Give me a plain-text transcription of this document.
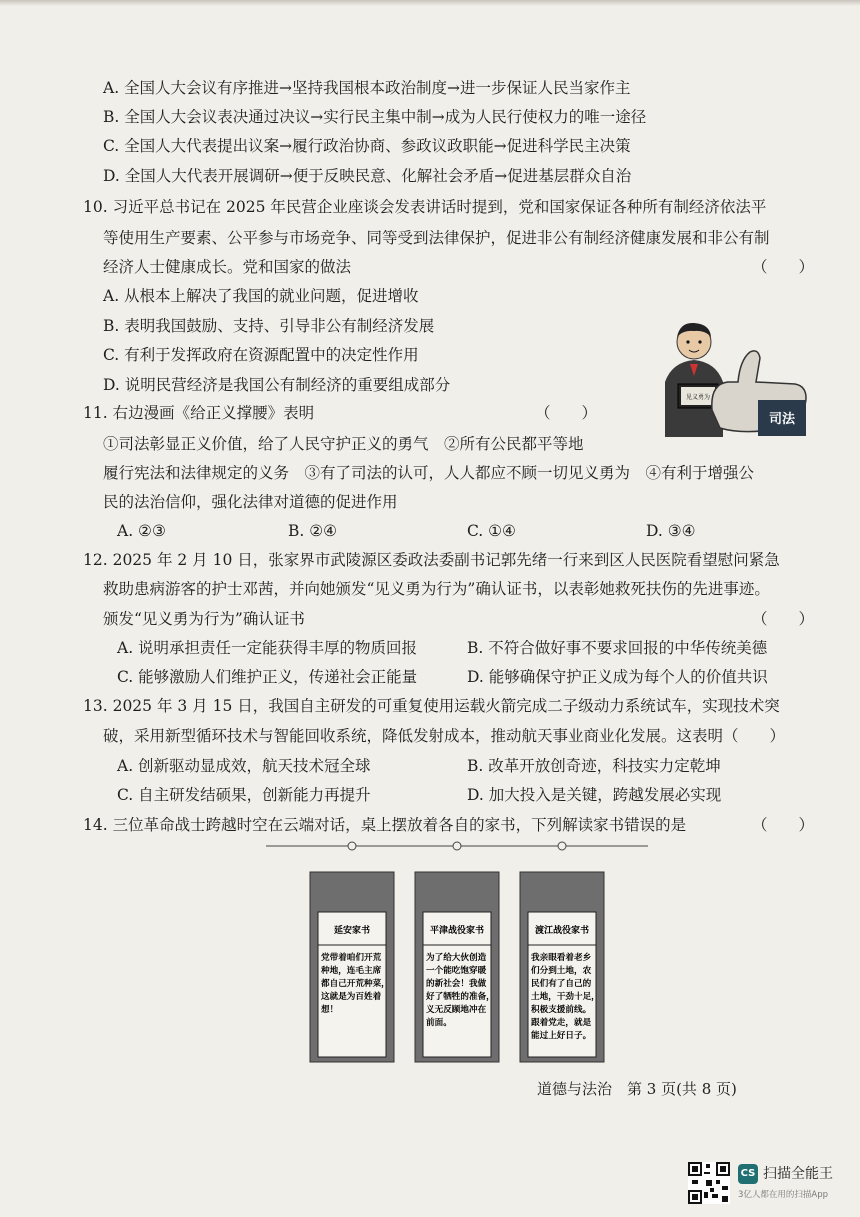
A. 全国人大会议有序推进→坚持我国根本政治制度→进一步保证人民当家作主
B. 全国人大会议表决通过决议→实行民主集中制→成为人民行使权力的唯一途径
C. 全国人大代表提出议案→履行政治协商、参政议政职能→促进科学民主决策
D. 全国人大代表开展调研→便于反映民意、化解社会矛盾→促进基层群众自治
10. 习近平总书记在 2025 年民营企业座谈会发表讲话时提到，党和国家保证各种所有制经济依法平
等使用生产要素、公平参与市场竞争、同等受到法律保护，促进非公有制经济健康发展和非公有制
经济人士健康成长。党和国家的做法
A. 从根本上解决了我国的就业问题，促进增收
B. 表明我国鼓励、支持、引导非公有制经济发展
C. 有利于发挥政府在资源配置中的决定性作用
D. 说明民营经济是我国公有制经济的重要组成部分
11. 右边漫画《给正义撑腰》表明
①司法彰显正义价值，给了人民守护正义的勇气　②所有公民都平等地
履行宪法和法律规定的义务　③有了司法的认可，人人都应不顾一切见义勇为　④有利于增强公
民的法治信仰，强化法律对道德的促进作用
A. ②③	B. ②④	C. ①④	D. ③④
12. 2025 年 2 月 10 日，张家界市武陵源区委政法委副书记郭先绪一行来到区人民医院看望慰问紧急
救助患病游客的护士邓茜，并向她颁发“见义勇为行为”确认证书，以表彰她救死扶伤的先进事迹。
颁发“见义勇为行为”确认证书
A. 说明承担责任一定能获得丰厚的物质回报	B. 不符合做好事不要求回报的中华传统美德
C. 能够激励人们维护正义，传递社会正能量	D. 能够确保守护正义成为每个人的价值共识
13. 2025 年 3 月 15 日，我国自主研发的可重复使用运载火箭完成二子级动力系统试车，实现技术突
破，采用新型循环技术与智能回收系统，降低发射成本，推动航天事业商业化发展。这表明（　　）
A. 创新驱动显成效，航天技术冠全球	B. 改革开放创奇迹，科技实力定乾坤
C. 自主研发结硕果，创新能力再提升	D. 加大投入是关键，跨越发展必实现
14. 三位革命战士跨越时空在云端对话，桌上摆放着各自的家书，下列解读家书错误的是
（　　）
（　　）
（　　）
（　　）
见义勇为
司法
延安家书
党带着咱们开荒
种地，连毛主席
都自己开荒种菜，
这就是为百姓着
想！
平津战役家书
为了给大伙创造
一个能吃饱穿暖
的新社会！我做
好了牺牲的准备，
义无反顾地冲在
前面。
渡江战役家书
我亲眼看着老乡
们分到土地，农
民们有了自己的
土地，干劲十足，
积极支援前线。
跟着党走，就是
能过上好日子。
道德与法治　第 3 页(共 8 页)
CS 扫描全能王
3亿人都在用的扫描App
